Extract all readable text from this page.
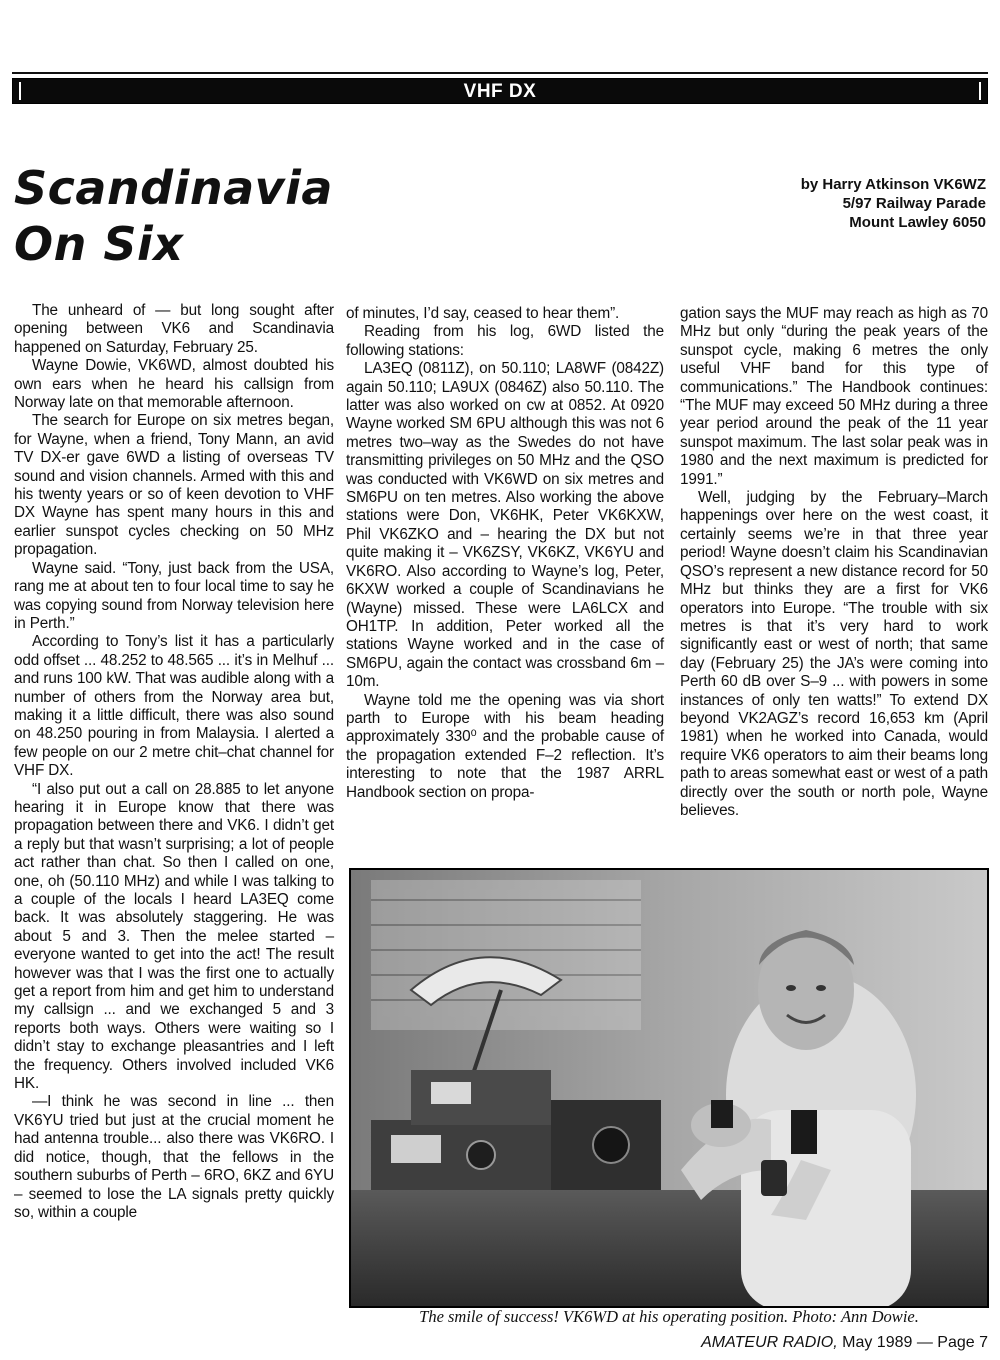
VHF DX
Scandinavia
On Six
by Harry Atkinson VK6WZ
5/97 Railway Parade
Mount Lawley 6050

The unheard of — but long sought after opening between VK6 and Scandinavia happened on Saturday, February 25.

Wayne Dowie, VK6WD, almost doubted his own ears when he heard his callsign from Norway late on that memorable afternoon.

The search for Europe on six metres began, for Wayne, when a friend, Tony Mann, an avid TV DX-er gave 6WD a listing of overseas TV sound and vision channels. Armed with this and his twenty years or so of keen devotion to VHF DX Wayne has spent many hours in this and earlier sunspot cycles checking on 50 MHz propagation.

Wayne said. “Tony, just back from the USA, rang me at about ten to four local time to say he was copying sound from Norway television here in Perth.”

According to Tony’s list it has a particularly odd offset ... 48.252 to 48.565 ... it’s in Melhuf ... and runs 100 kW. That was audible along with a number of others from the Norway area but, making it a little difficult, there was also sound on 48.250 pouring in from Malaysia. I alerted a few people on our 2 metre chit–chat channel for VHF DX.

“I also put out a call on 28.885 to let anyone hearing it in Europe know that there was propagation between there and VK6. I didn’t get a reply but that wasn’t surprising; a lot of people act rather than chat. So then I called on one, one, oh (50.110 MHz) and while I was talking to a couple of the locals I heard LA3EQ come back. It was absolutely staggering. He was about 5 and 3. Then the melee started – everyone wanted to get into the act! The result however was that I was the first one to actually get a report from him and get him to understand my callsign ... and we exchanged 5 and 3 reports both ways. Others were waiting so I didn’t stay to exchange pleasantries and I left the frequency. Others involved included VK6 HK.

—I think he was second in line ... then VK6YU tried but just at the crucial moment he had antenna trouble... also there was VK6RO. I did notice, though, that the fellows in the southern suburbs of Perth – 6RO, 6KZ and 6YU – seemed to lose the LA signals pretty quickly so, within a couple

of minutes, I’d say, ceased to hear them”.

Reading from his log, 6WD listed the following stations:

LA3EQ (0811Z), on 50.110; LA8WF (0842Z) again 50.110; LA9UX (0846Z) also 50.110. The latter was also worked on cw at 0852. At 0920 Wayne worked SM 6PU although this was not 6 metres two–way as the Swedes do not have transmitting privileges on 50 MHz and the QSO was conducted with VK6WD on six metres and SM6PU on ten metres. Also working the above stations were Don, VK6HK, Peter VK6KXW, Phil VK6ZKO and – hearing the DX but not quite making it – VK6ZSY, VK6KZ, VK6YU and VK6RO. Also according to Wayne’s log, Peter, 6KXW worked a couple of Scandinavians he (Wayne) missed. These were LA6LCX and OH1TP. In addition, Peter worked all the stations Wayne worked and in the case of SM6PU, again the contact was crossband 6m – 10m.

Wayne told me the opening was via short parth to Europe with his beam heading approximately 330⁰ and the probable cause of the propagation extended F–2 reflection. It’s interesting to note that the 1987 ARRL Handbook section on propa-

gation says the MUF may reach as high as 70 MHz but only “during the peak years of the sunspot cycle, making 6 metres the only useful VHF band for this type of communications.” The Handbook continues: “The MUF may exceed 50 MHz during a three year period around the peak of the 11 year sunspot maximum. The last solar peak was in 1980 and the next maximum is predicted for 1991.”

Well, judging by the February–March happenings over here on the west coast, it certainly seems we’re in that three year period! Wayne doesn’t claim his Scandinavian QSO’s represent a new distance record for 50 MHz but thinks they are a first for VK6 operators into Europe. “The trouble with six metres is that it’s very hard to work significantly east or west of north; that same day (February 25) the JA’s were coming into Perth 60 dB over S–9 ... with powers in some instances of only ten watts!” To extend DX beyond VK2AGZ’s record 16,653 km (April 1981) when he worked into Canada, would require VK6 operators to aim their beams long path to areas somewhat east or west of a path directly over the south or north pole, Wayne believes.

The smile of success! VK6WD at his operating position. Photo: Ann Dowie.
AMATEUR RADIO, May 1989 — Page 7
